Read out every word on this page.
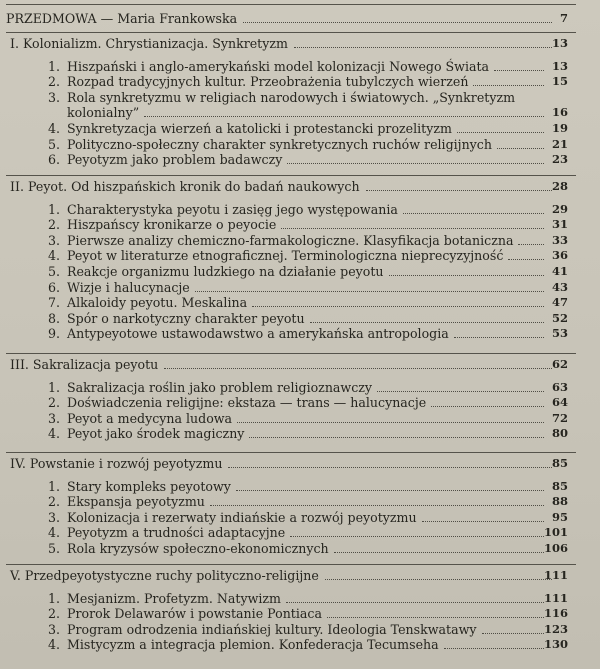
PRZEDMOWA — Maria Frankowska	7
I. Kolonializm. Chrystianizacja. Synkretyzm	13
1. Hiszpański i anglo-amerykański model kolonizacji Nowego Świata	13
2. Rozpad tradycyjnych kultur. Przeobrażenia tubylczych wierzeń	15
3. Rola synkretyzmu w religiach narodowych i światowych. „Synkretyzm
kolonialny”	16
4. Synkretyzacja wierzeń a katolicki i protestancki prozelityzm	19
5. Polityczno-społeczny charakter synkretycznych ruchów religijnych	21
6. Peyotyzm jako problem badawczy	23
II. Peyot. Od hiszpańskich kronik do badań naukowych	28
1. Charakterystyka peyotu i zasięg jego występowania	29
2. Hiszpańscy kronikarze o peyocie	31
3. Pierwsze analizy chemiczno-farmakologiczne. Klasyfikacja botaniczna	33
4. Peyot w literaturze etnograficznej. Terminologiczna nieprecyzyjność	36
5. Reakcje organizmu ludzkiego na działanie peyotu	41
6. Wizje i halucynacje	43
7. Alkaloidy peyotu. Meskalina	47
8. Spór o narkotyczny charakter peyotu	52
9. Antypeyotowe ustawodawstwo a amerykańska antropologia	53
III. Sakralizacja peyotu	62
1. Sakralizacja roślin jako problem religioznawczy	63
2. Doświadczenia religijne: ekstaza — trans — halucynacje	64
3. Peyot a medycyna ludowa	72
4. Peyot jako środek magiczny	80
IV. Powstanie i rozwój peyotyzmu	85
1. Stary kompleks peyotowy	85
2. Ekspansja peyotyzmu	88
3. Kolonizacja i rezerwaty indiańskie a rozwój peyotyzmu	95
4. Peyotyzm a trudności adaptacyjne	101
5. Rola kryzysów społeczno-ekonomicznych	106
V. Przedpeyotystyczne ruchy polityczno-religijne	111
1. Mesjanizm. Profetyzm. Natywizm	111
2. Prorok Delawarów i powstanie Pontiaca	116
3. Program odrodzenia indiańskiej kultury. Ideologia Tenskwatawy	123
4. Mistycyzm a integracja plemion. Konfederacja Tecumseha	130
